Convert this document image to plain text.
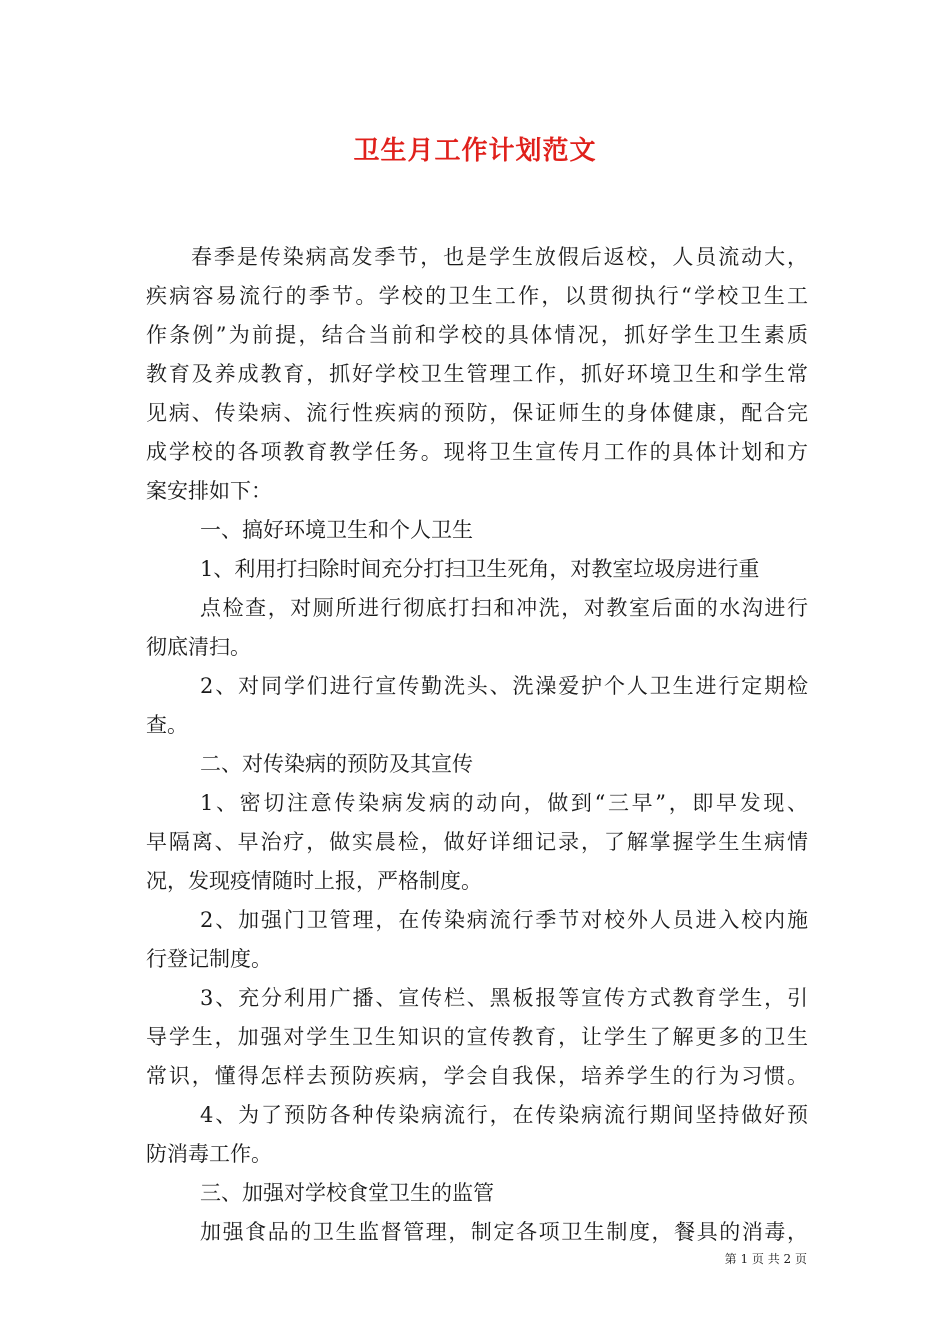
卫生月工作计划范文

春季是传染病高发季节，也是学生放假后返校，人员流动大，

疾病容易流行的季节。学校的卫生工作，以贯彻执行“学校卫生工

作条例”为前提，结合当前和学校的具体情况，抓好学生卫生素质

教育及养成教育，抓好学校卫生管理工作，抓好环境卫生和学生常

见病、传染病、流行性疾病的预防，保证师生的身体健康，配合完

成学校的各项教育教学任务。现将卫生宣传月工作的具体计划和方

案安排如下：

一、搞好环境卫生和个人卫生

1、利用打扫除时间充分打扫卫生死角，对教室垃圾房进行重

点检查，对厕所进行彻底打扫和冲洗，对教室后面的水沟进行

彻底清扫。

2、对同学们进行宣传勤洗头、洗澡爱护个人卫生进行定期检

查。

二、对传染病的预防及其宣传

1、密切注意传染病发病的动向，做到“三早”，即早发现、

早隔离、早治疗，做实晨检，做好详细记录，了解掌握学生生病情

况，发现疫情随时上报，严格制度。

2、加强门卫管理，在传染病流行季节对校外人员进入校内施

行登记制度。

3、充分利用广播、宣传栏、黑板报等宣传方式教育学生，引

导学生，加强对学生卫生知识的宣传教育，让学生了解更多的卫生

常识，懂得怎样去预防疾病，学会自我保，培养学生的行为习惯。

4、为了预防各种传染病流行，在传染病流行期间坚持做好预

防消毒工作。

三、加强对学校食堂卫生的监管

加强食品的卫生监督管理，制定各项卫生制度，餐具的消毒，

第 1 页 共 2 页
